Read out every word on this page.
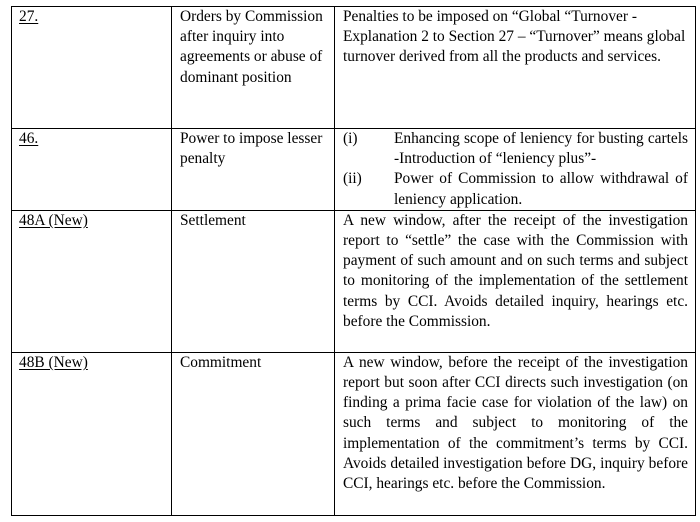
27.	Orders by Commission after inquiry into agreements or abuse of dominant position	Penalties to be imposed on “Global “Turnover - Explanation 2 to Section 27 – “Turnover” means global turnover derived from all the products and services.

46.	Power to impose lesser penalty	(i) Enhancing scope of leniency for busting cartels -Introduction of “leniency plus”-
(ii) Power of Commission to allow withdrawal of leniency application.

48A (New)	Settlement	A new window, after the receipt of the investigation report to “settle” the case with the Commission with payment of such amount and on such terms and subject to monitoring of the implementation of the settlement terms by CCI. Avoids detailed inquiry, hearings etc. before the Commission.

48B (New)	Commitment	A new window, before the receipt of the investigation report but soon after CCI directs such investigation (on finding a prima facie case for violation of the law) on such terms and subject to monitoring of the implementation of the commitment’s terms by CCI. Avoids detailed investigation before DG, inquiry before CCI, hearings etc. before the Commission.
